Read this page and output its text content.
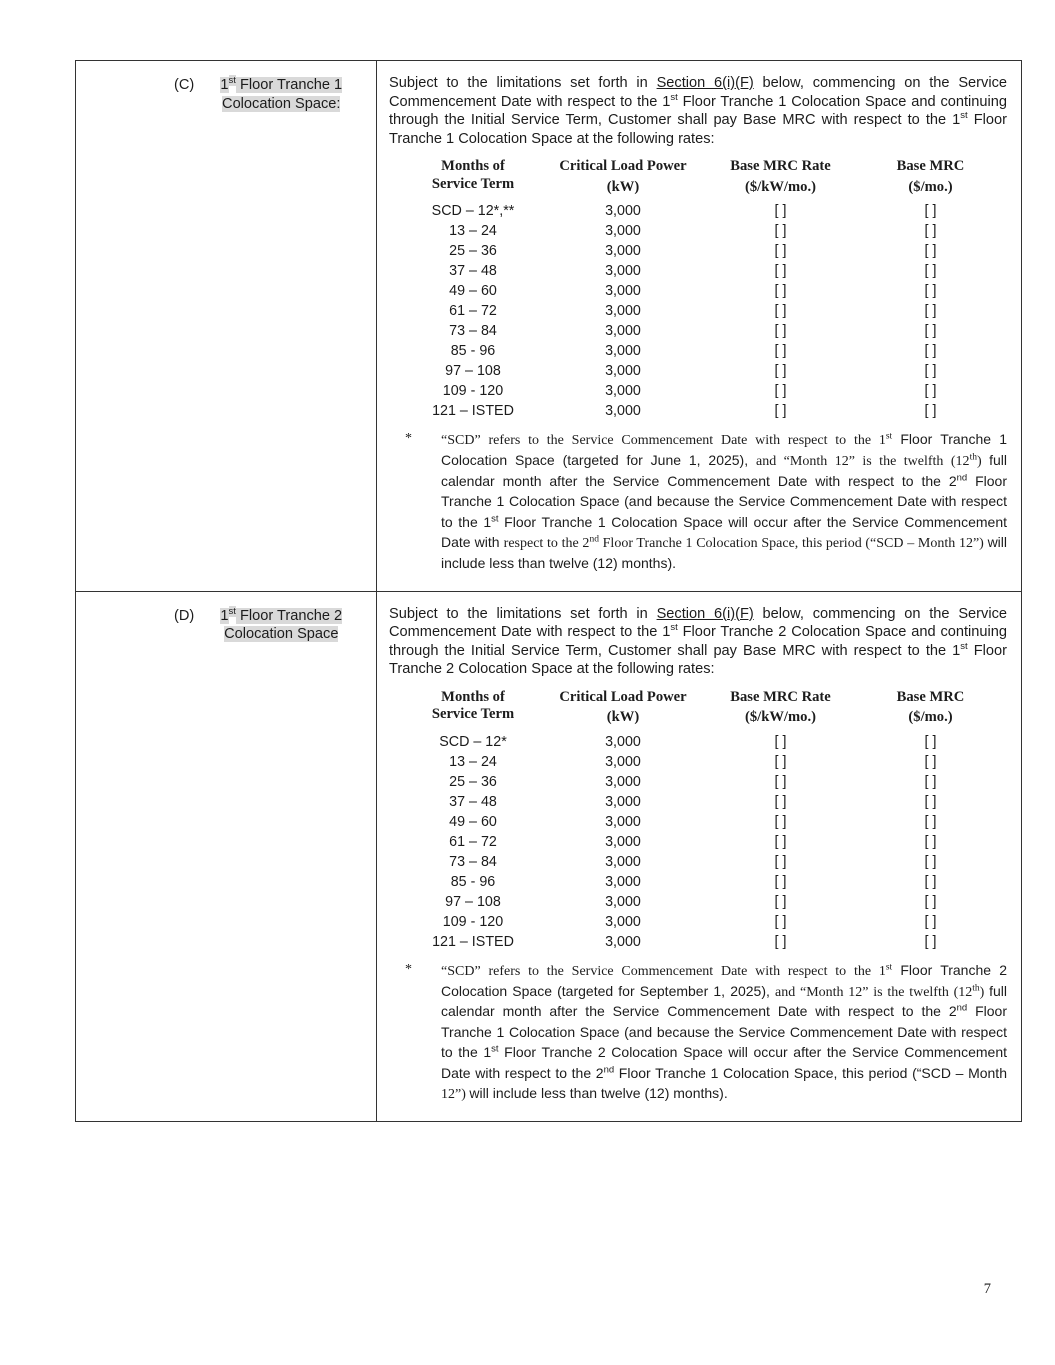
(C)	1st Floor Tranche 1 Colocation Space:

Subject to the limitations set forth in Section 6(i)(F) below, commencing on the Service Commencement Date with respect to the 1st Floor Tranche 1 Colocation Space and continuing through the Initial Service Term, Customer shall pay Base MRC with respect to the 1st Floor Tranche 1 Colocation Space at the following rates:

Months of
Service Term

Critical Load Power
(kW)

Base MRC Rate
($/kW/mo.)

Base MRC
($/mo.)

SCD – 12*,**	3,000	[ ]	[ ]
13 – 24	3,000	[ ]	[ ]
25 – 36	3,000	[ ]	[ ]
37 – 48	3,000	[ ]	[ ]
49 – 60	3,000	[ ]	[ ]
61 – 72	3,000	[ ]	[ ]
73 – 84	3,000	[ ]	[ ]
85 - 96	3,000	[ ]	[ ]
97 – 108	3,000	[ ]	[ ]
109 - 120	3,000	[ ]	[ ]
121 – ISTED	3,000	[ ]	[ ]
*	“SCD” refers to the Service Commencement Date with respect to the 1st Floor Tranche 1 Colocation Space (targeted for June 1, 2025), and “Month 12” is the twelfth (12th) full calendar month after the Service Commencement Date with respect to the 2nd Floor Tranche 1 Colocation Space (and because the Service Commencement Date with respect to the 1st Floor Tranche 1 Colocation Space will occur after the Service Commencement Date with respect to the 2nd Floor Tranche 1 Colocation Space, this period (“SCD – Month 12”) will include less than twelve (12) months).
(D)	1st Floor Tranche 2 Colocation Space

Subject to the limitations set forth in Section 6(i)(F) below, commencing on the Service Commencement Date with respect to the 1st Floor Tranche 2 Colocation Space and continuing through the Initial Service Term, Customer shall pay Base MRC with respect to the 1st Floor Tranche 2 Colocation Space at the following rates:

Months of
Service Term

Critical Load Power
(kW)

Base MRC Rate
($/kW/mo.)

Base MRC
($/mo.)

SCD – 12*	3,000	[ ]	[ ]
13 – 24	3,000	[ ]	[ ]
25 – 36	3,000	[ ]	[ ]
37 – 48	3,000	[ ]	[ ]
49 – 60	3,000	[ ]	[ ]
61 – 72	3,000	[ ]	[ ]
73 – 84	3,000	[ ]	[ ]
85 - 96	3,000	[ ]	[ ]
97 – 108	3,000	[ ]	[ ]
109 - 120	3,000	[ ]	[ ]
121 – ISTED	3,000	[ ]	[ ]
*	“SCD” refers to the Service Commencement Date with respect to the 1st Floor Tranche 2 Colocation Space (targeted for September 1, 2025), and “Month 12” is the twelfth (12th) full calendar month after the Service Commencement Date with respect to the 2nd Floor Tranche 1 Colocation Space (and because the Service Commencement Date with respect to the 1st Floor Tranche 2 Colocation Space will occur after the Service Commencement Date with respect to the 2nd Floor Tranche 1 Colocation Space, this period (“SCD – Month 12”) will include less than twelve (12) months).
7
